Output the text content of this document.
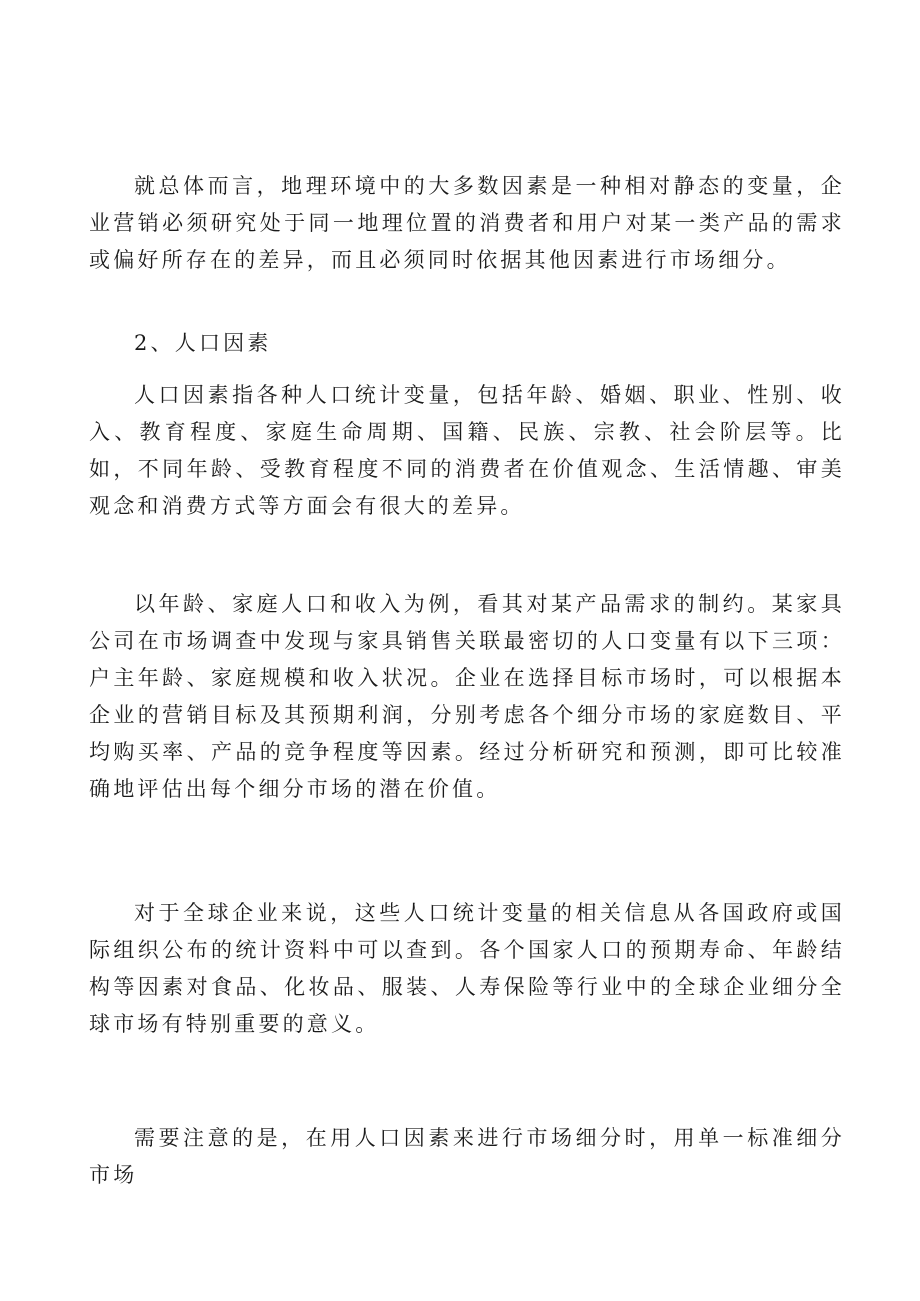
就总体而言，地理环境中的大多数因素是一种相对静态的变量，企业营销必须研究处于同一地理位置的消费者和用户对某一类产品的需求或偏好所存在的差异，而且必须同时依据其他因素进行市场细分。

2、人口因素

人口因素指各种人口统计变量，包括年龄、婚姻、职业、性别、收入、教育程度、家庭生命周期、国籍、民族、宗教、社会阶层等。比如，不同年龄、受教育程度不同的消费者在价值观念、生活情趣、审美观念和消费方式等方面会有很大的差异。

以年龄、家庭人口和收入为例，看其对某产品需求的制约。某家具公司在市场调查中发现与家具销售关联最密切的人口变量有以下三项：户主年龄、家庭规模和收入状况。企业在选择目标市场时，可以根据本企业的营销目标及其预期利润，分别考虑各个细分市场的家庭数目、平均购买率、产品的竞争程度等因素。经过分析研究和预测，即可比较准确地评估出每个细分市场的潜在价值。

对于全球企业来说，这些人口统计变量的相关信息从各国政府或国际组织公布的统计资料中可以查到。各个国家人口的预期寿命、年龄结构等因素对食品、化妆品、服装、人寿保险等行业中的全球企业细分全球市场有特别重要的意义。

需要注意的是，在用人口因素来进行市场细分时，用单一标准细分市场
